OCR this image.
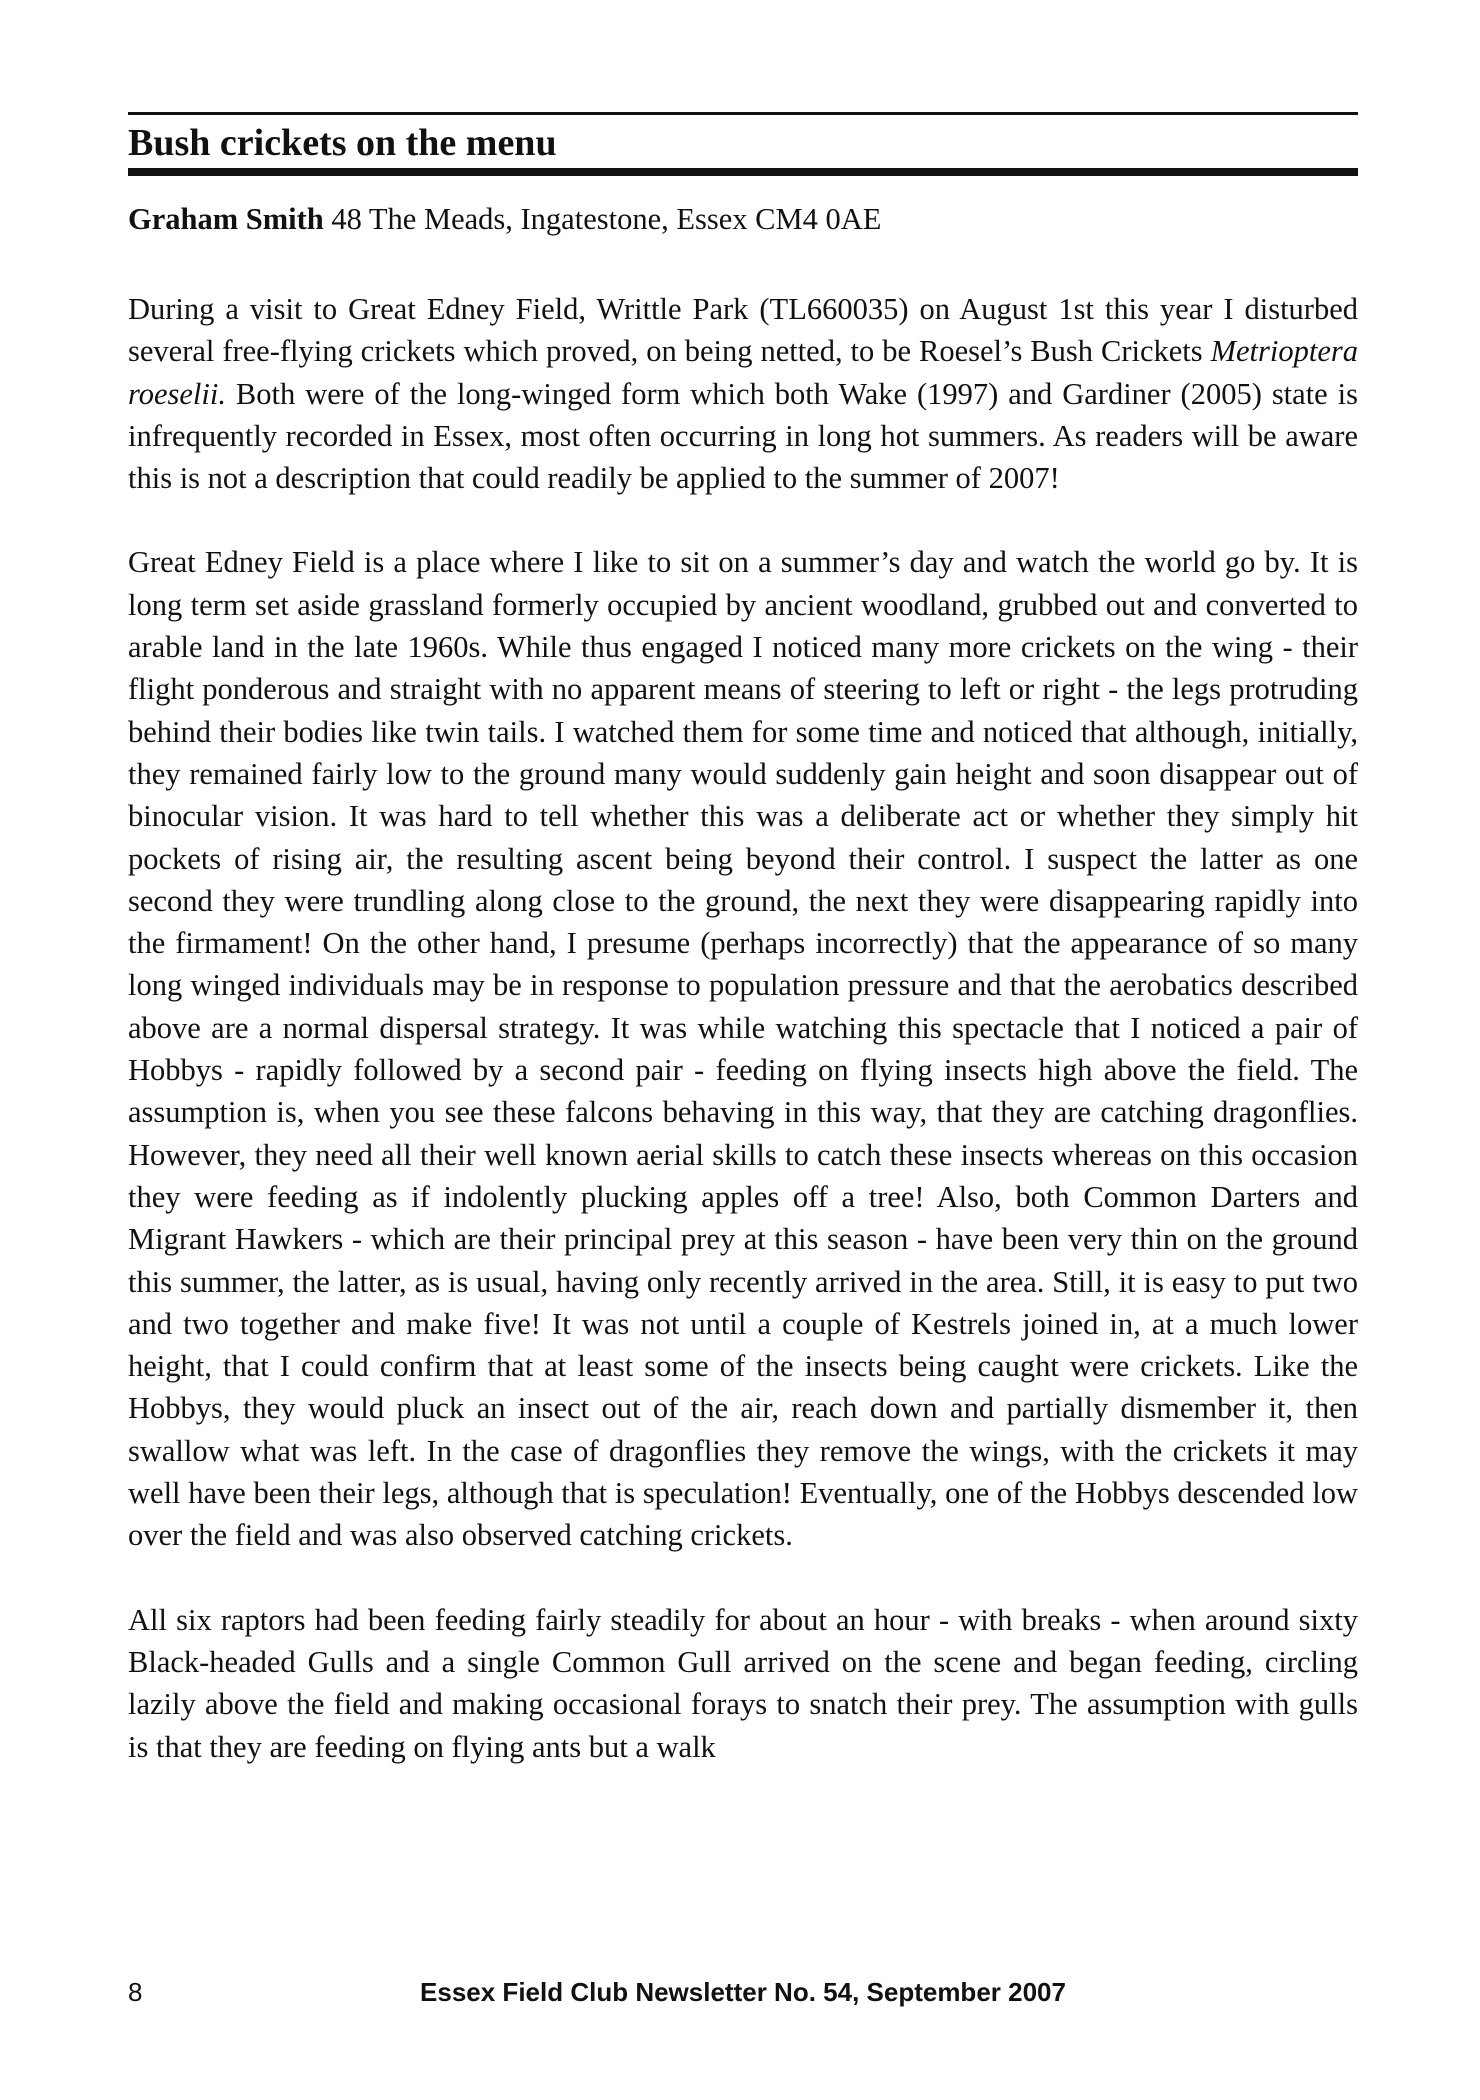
Bush crickets on the menu

Graham Smith 48 The Meads, Ingatestone, Essex CM4 0AE

During a visit to Great Edney Field, Writtle Park (TL660035) on August 1st this year I disturbed several free-flying crickets which proved, on being netted, to be Roesel’s Bush Crickets Metrioptera roeselii. Both were of the long-winged form which both Wake (1997) and Gardiner (2005) state is infrequently recorded in Essex, most often occurring in long hot summers. As readers will be aware this is not a description that could readily be applied to the summer of 2007!

Great Edney Field is a place where I like to sit on a summer’s day and watch the world go by. It is long term set aside grassland formerly occupied by ancient woodland, grubbed out and converted to arable land in the late 1960s. While thus engaged I noticed many more crickets on the wing - their flight ponderous and straight with no apparent means of steering to left or right - the legs protruding behind their bodies like twin tails. I watched them for some time and noticed that although, initially, they remained fairly low to the ground many would suddenly gain height and soon disappear out of binocular vision. It was hard to tell whether this was a deliberate act or whether they simply hit pockets of rising air, the resulting ascent being beyond their control. I suspect the latter as one second they were trundling along close to the ground, the next they were disappearing rapidly into the firmament! On the other hand, I presume (perhaps incorrectly) that the appearance of so many long winged individuals may be in response to population pressure and that the aerobatics described above are a normal dispersal strategy. It was while watching this spectacle that I noticed a pair of Hobbys - rapidly followed by a second pair - feeding on flying insects high above the field. The assumption is, when you see these falcons behaving in this way, that they are catching dragonflies. However, they need all their well known aerial skills to catch these insects whereas on this occasion they were feeding as if indolently plucking apples off a tree! Also, both Common Darters and Migrant Hawkers - which are their principal prey at this season - have been very thin on the ground this summer, the latter, as is usual, having only recently arrived in the area. Still, it is easy to put two and two together and make five! It was not until a couple of Kestrels joined in, at a much lower height, that I could confirm that at least some of the insects being caught were crickets. Like the Hobbys, they would pluck an insect out of the air, reach down and partially dismember it, then swallow what was left. In the case of dragonflies they remove the wings, with the crickets it may well have been their legs, although that is speculation! Eventually, one of the Hobbys descended low over the field and was also observed catching crickets.

All six raptors had been feeding fairly steadily for about an hour - with breaks - when around sixty Black-headed Gulls and a single Common Gull arrived on the scene and began feeding, circling lazily above the field and making occasional forays to snatch their prey. The assumption with gulls is that they are feeding on flying ants but a walk

8	Essex Field Club Newsletter No. 54, September 2007
